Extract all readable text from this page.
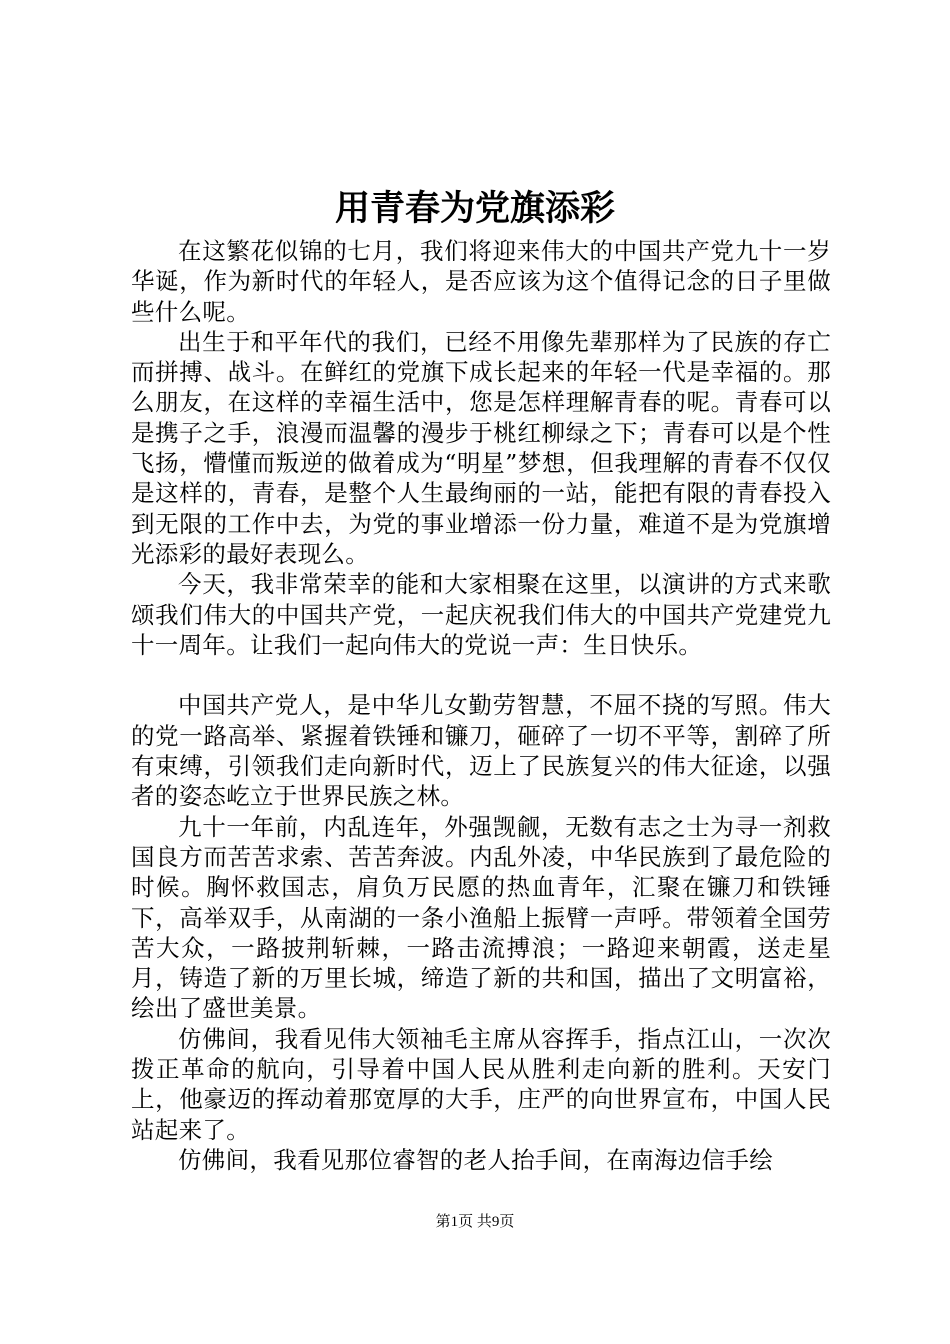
用青春为党旗添彩

在这繁花似锦的七月，我们将迎来伟大的中国共产党九十一岁华诞，作为新时代的年轻人，是否应该为这个值得记念的日子里做些什么呢。

出生于和平年代的我们，已经不用像先辈那样为了民族的存亡而拼搏、战斗。在鲜红的党旗下成长起来的年轻一代是幸福的。那么朋友，在这样的幸福生活中，您是怎样理解青春的呢。青春可以是携子之手，浪漫而温馨的漫步于桃红柳绿之下；青春可以是个性飞扬，懵懂而叛逆的做着成为“明星”梦想，但我理解的青春不仅仅是这样的，青春，是整个人生最绚丽的一站，能把有限的青春投入到无限的工作中去，为党的事业增添一份力量，难道不是为党旗增光添彩的最好表现么。

今天，我非常荣幸的能和大家相聚在这里，以演讲的方式来歌颂我们伟大的中国共产党，一起庆祝我们伟大的中国共产党建党九十一周年。让我们一起向伟大的党说一声：生日快乐。

中国共产党人，是中华儿女勤劳智慧，不屈不挠的写照。伟大的党一路高举、紧握着铁锤和镰刀，砸碎了一切不平等，割碎了所有束缚，引领我们走向新时代，迈上了民族复兴的伟大征途，以强者的姿态屹立于世界民族之林。

九十一年前，内乱连年，外强觊觎，无数有志之士为寻一剂救国良方而苦苦求索、苦苦奔波。内乱外凌，中华民族到了最危险的时候。胸怀救国志，肩负万民愿的热血青年，汇聚在镰刀和铁锤下，高举双手，从南湖的一条小渔船上振臂一声呼。带领着全国劳苦大众，一路披荆斩棘，一路击流搏浪；一路迎来朝霞，送走星月，铸造了新的万里长城，缔造了新的共和国，描出了文明富裕，绘出了盛世美景。

仿佛间，我看见伟大领袖毛主席从容挥手，指点江山，一次次拨正革命的航向，引导着中国人民从胜利走向新的胜利。天安门上，他豪迈的挥动着那宽厚的大手，庄严的向世界宣布，中国人民站起来了。

仿佛间，我看见那位睿智的老人抬手间，在南海边信手绘

第1页 共9页
